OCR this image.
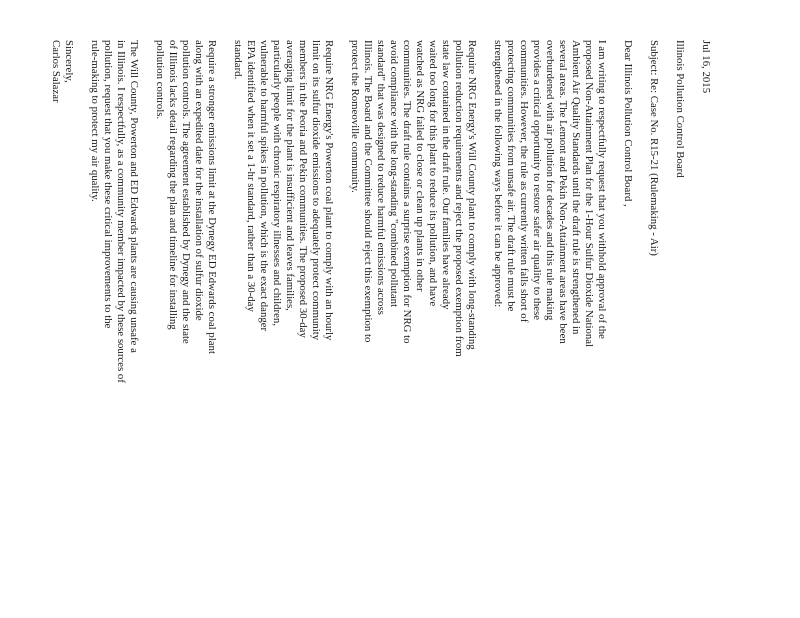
Jul 16, 2015
Illinois Pollution Control Board
Subject: Re: Case No. R15-21 (Rulemaking - Air)
Dear Illinois Pollution Control Board ,
I am writing to respectfully request that you withhold approval of the
proposed Non-Attainment Plan for the 1-Hour Sulfur Dioxide National
Ambient Air Quality Standards until the draft rule is strengthened in
several areas. The Lemont and Pekin Non-Attainment areas have been
overburdened with air pollution for decades and this rule making
provides a critical opportunity to restore safer air quality to these
communities. However, the rule as currently written falls short of
protecting communities from unsafe air. The draft rule must be
strengthened in the following ways before it can be approved:
Require NRG Energy's Will County plant to comply with long-standing
pollution reduction requirements and reject the proposed exemption from
state law contained in the draft rule. Our families have already
waited too long for this plant to reduce its pollution, and have
watched as NRG failed to close or clean up plants in other
communities. The draft rule contains a surprise exemption for NRG to
avoid compliance with the long-standing "combined pollutant
standard" that was designed to reduce harmful emissions across
Illinois. The Board and the Committee should reject this exemption to
protect the Romeoville community.
Require NRG Energy's Powerton coal plant to comply with an hourly
limit on its sulfur dioxide emissions to adequately protect community
members in the Peoria and Pekin communities. The proposed 30-day
averaging limit for the plant is insufficient and leaves families,
particularly people with chronic respiratory illnesses and children,
vulnerable to harmful spikes in pollution, which is the exact danger
EPA identified when it set a 1-hr standard, rather than a 30-day
standard.
Require a stronger emissions limit at the Dynegy ED Edwards coal plant
along with an expedited date for the installation of sulfur dioxide
pollution controls. The agreement established by Dynegy and the state
of Illinois lacks detail regarding the plan and timeline for installing
pollution controls.
The Will County, Powerton and ED Edwards plants are causing unsafe a
in Illinois. I respectfully, as a community member impacted by these sources of
pollution, request that you make these critical improvements to the
rule-making to protect my air quality.
Sincerely,
Carlos Salazar
